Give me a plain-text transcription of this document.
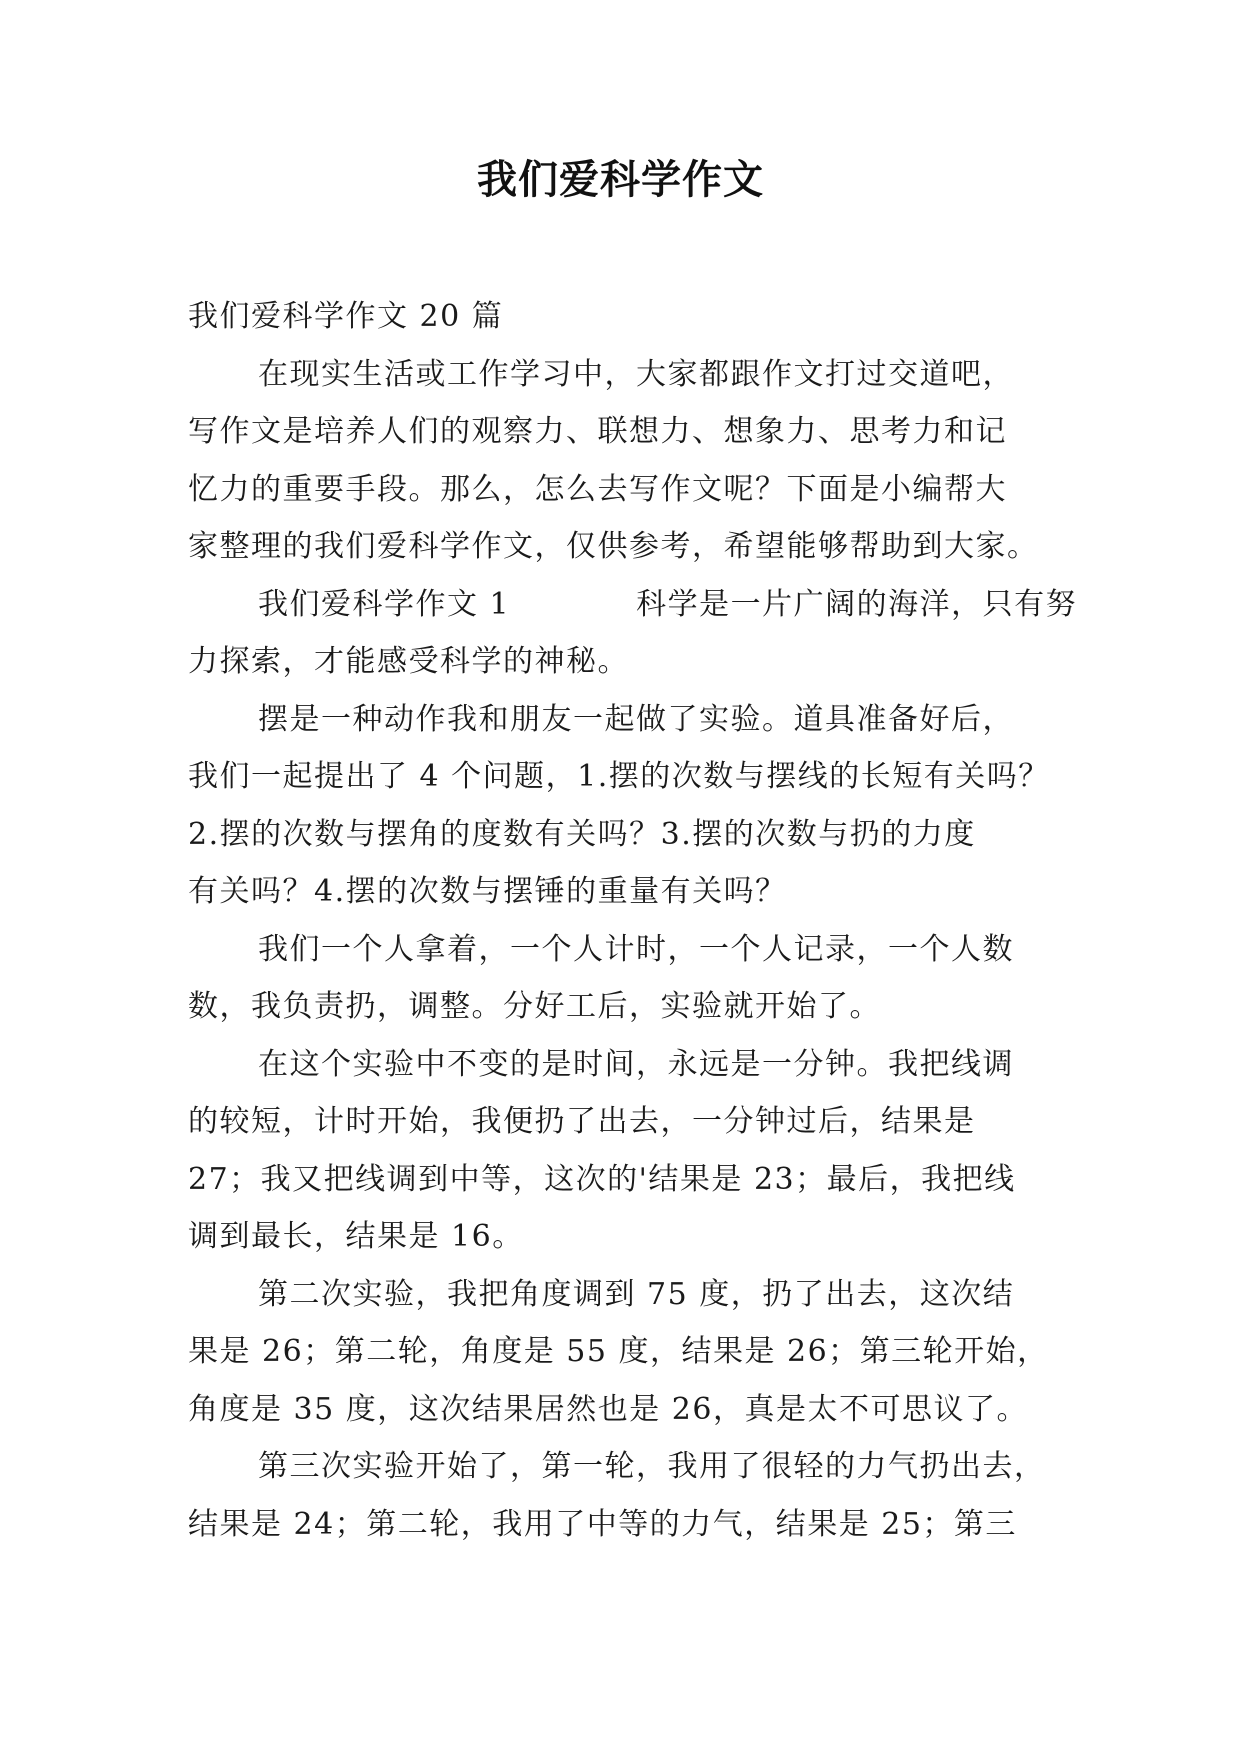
我们爱科学作文
我们爱科学作文 20 篇
在现实生活或工作学习中，大家都跟作文打过交道吧，
写作文是培养人们的观察力、联想力、想象力、思考力和记
忆力的重要手段。那么，怎么去写作文呢？下面是小编帮大
家整理的我们爱科学作文，仅供参考，希望能够帮助到大家。
我们爱科学作文 1　　　　科学是一片广阔的海洋，只有努
力探索，才能感受科学的神秘。
摆是一种动作我和朋友一起做了实验。道具准备好后，
我们一起提出了 4 个问题，1.摆的次数与摆线的长短有关吗？
2.摆的次数与摆角的度数有关吗？3.摆的次数与扔的力度
有关吗？4.摆的次数与摆锤的重量有关吗？
我们一个人拿着，一个人计时，一个人记录，一个人数
数，我负责扔，调整。分好工后，实验就开始了。
在这个实验中不变的是时间，永远是一分钟。我把线调
的较短，计时开始，我便扔了出去，一分钟过后，结果是
27；我又把线调到中等，这次的'结果是 23；最后，我把线
调到最长，结果是 16。
第二次实验，我把角度调到 75 度，扔了出去，这次结
果是 26；第二轮，角度是 55 度，结果是 26；第三轮开始，
角度是 35 度，这次结果居然也是 26，真是太不可思议了。
第三次实验开始了，第一轮，我用了很轻的力气扔出去，
结果是 24；第二轮，我用了中等的力气，结果是 25；第三
